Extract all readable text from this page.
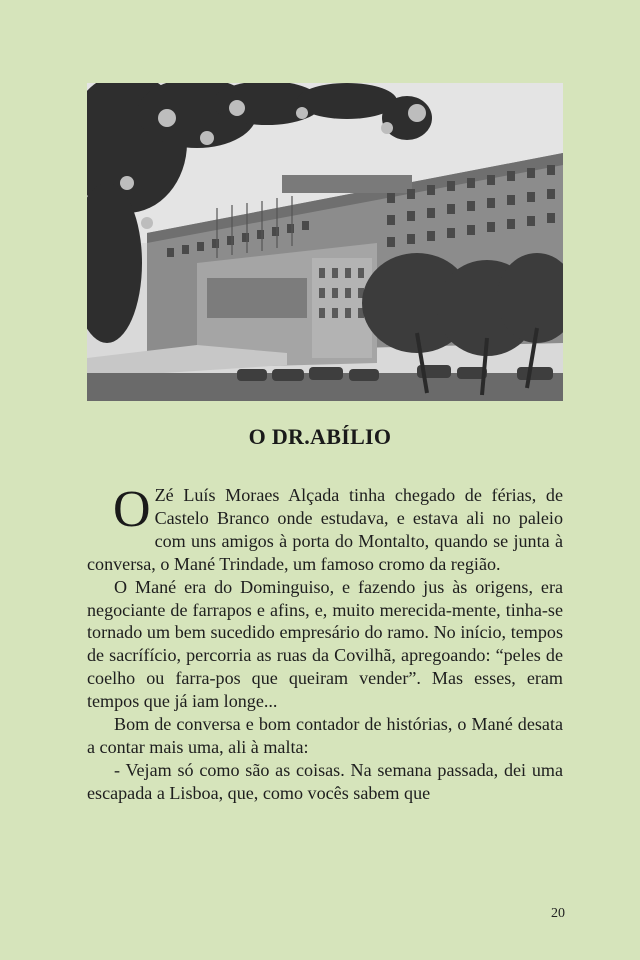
O DR.ABÍLIO

O Zé Luís Moraes Alçada tinha chegado de férias, de Castelo Branco onde estudava, e estava ali no paleio com uns amigos à porta do Montalto, quando se junta à conversa, o Mané Trindade, um famoso cromo da região.

O Mané era do Dominguiso, e fazendo jus às origens, era negociante de farrapos e afins, e, muito merecida-mente, tinha-se tornado um bem sucedido empresário do ramo. No início, tempos de sacrífício, percorria as ruas da Covilhã, apregoando: “peles de coelho ou farra-pos que queiram vender”. Mas esses, eram tempos que já iam longe...

Bom de conversa e bom contador de histórias, o Mané desata a contar mais uma, ali à malta:

- Vejam só como são as coisas. Na semana passada, dei uma escapada a Lisboa, que, como vocês sabem que

20
